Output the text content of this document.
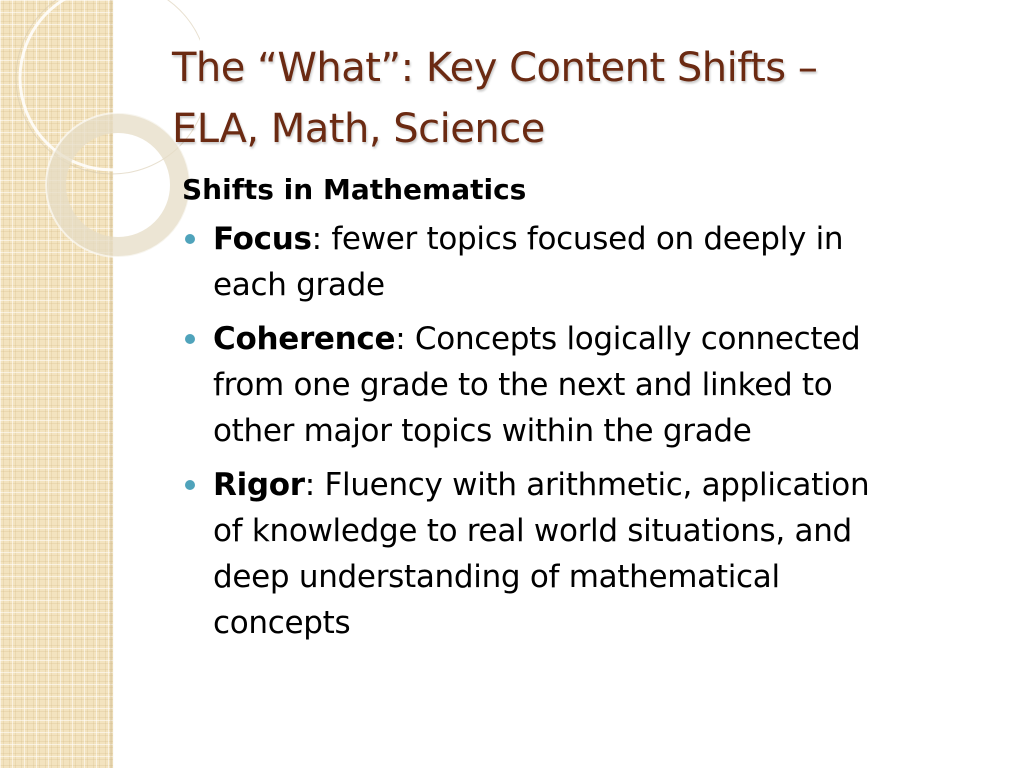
The “What”: Key Content Shifts –
ELA, Math, Science
Shifts in Mathematics
Focus: fewer topics focused on deeply in
each grade
Coherence: Concepts logically connected
from one grade to the next and linked to
other major topics within the grade
Rigor: Fluency with arithmetic, application
of knowledge to real world situations, and
deep understanding of mathematical
concepts
